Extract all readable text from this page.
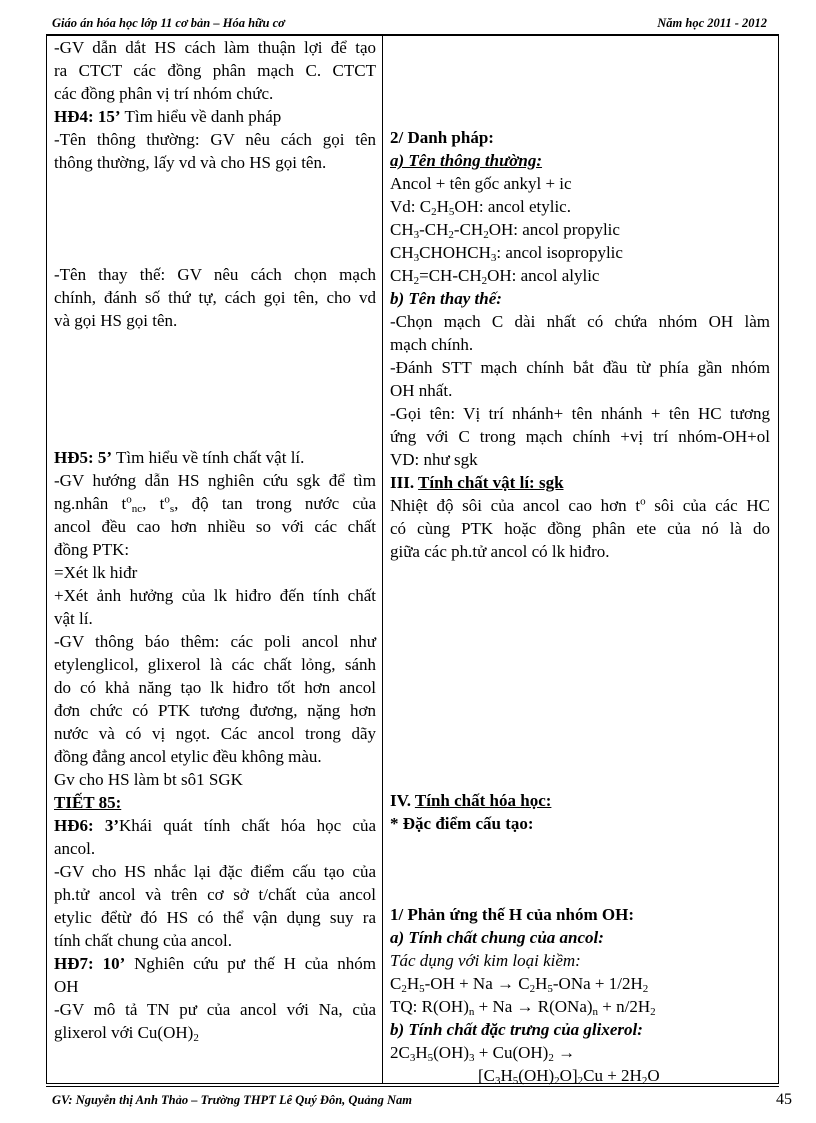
Giáo án hóa học lớp 11 cơ bản – Hóa hữu cơ	Năm học 2011 - 2012
-GV dẫn dắt HS cách làm thuận lợi để tạo
ra CTCT các đồng phân mạch C. CTCT
các đồng phân vị trí nhóm chức.
HĐ4: 15’ Tìm hiểu về danh pháp
-Tên thông thường: GV nêu cách gọi tên
thông thường, lấy vd và cho HS gọi tên.
-Tên thay thế: GV nêu cách chọn mạch
chính, đánh số thứ tự, cách gọi tên, cho vd
và gọi HS gọi tên.
HĐ5: 5’ Tìm hiểu về tính chất vật lí.
-GV hướng dẫn HS nghiên cứu sgk để tìm
ng.nhân $t^o_{nc}$, $t^o_s$, độ tan trong nước của
ancol đều cao hơn nhiều so với các chất
đồng PTK:
=Xét lk hiđr
+Xét ảnh hưởng của lk hiđro đến tính chất
vật lí.
-GV thông báo thêm: các poli ancol như
etylenglicol, glixerol là các chất lỏng, sánh
do có khả năng tạo lk hiđro tốt hơn ancol
đơn chức có PTK tương đương, nặng hơn
nước và có vị ngọt. Các ancol trong dãy
đồng đẳng ancol etylic đều không màu.
Gv cho HS làm bt sô1 SGK
TIẾT 85:
HĐ6: 3’Khái quát tính chất hóa học của
ancol.
-GV cho HS nhắc lại đặc điểm cấu tạo của
ph.tử ancol và trên cơ sở t/chất của ancol
etylic đểtừ đó HS có thể vận dụng suy ra
tính chất chung của ancol.
HĐ7: 10’ Nghiên cứu pư thế H của nhóm
OH
-GV mô tả TN pư của ancol với Na, của
glixerol với $Cu(OH)_2$
2/ Danh pháp:
a) Tên thông thường:
Ancol + tên gốc ankyl + ic
Vd: $C_2H_5OH$: ancol etylic.
$CH_3-CH_2-CH_2OH$: ancol propylic
$CH_3CHOHCH_3$: ancol isopropylic
$CH_2=CH-CH_2OH$: ancol alylic
b) Tên thay thế:
-Chọn mạch C dài nhất có chứa nhóm OH làm
mạch chính.
-Đánh STT mạch chính bắt đầu từ phía gần nhóm
OH nhất.
-Gọi tên: Vị trí nhánh+ tên nhánh + tên HC tương
ứng với C trong mạch chính +vị trí nhóm-OH+ol
VD: như sgk
III. Tính chất vật lí: sgk
Nhiệt độ sôi của ancol cao hơn $t^o$ sôi của các HC
có cùng PTK hoặc đồng phân ete của nó là do
giữa các ph.tử ancol có lk hiđro.
IV. Tính chất hóa học:
* Đặc điểm cấu tạo:
1/ Phản ứng thế H của nhóm OH:
a) Tính chất chung của ancol:
Tác dụng với kim loại kiềm:
$C_2H_5-OH + Na \to C_2H_5-ONa + 1/2H_2$
TQ: $R(OH)_n + Na \to R(ONa)_n + n/2H_2$
b) Tính chất đặc trưng của glixerol:
$2C_3H_5(OH)_3 + Cu(OH)_2$ →
$[C_3H_5(OH)_2O]_2Cu + 2H_2O$
GV: Nguyễn thị Anh Thảo – Trường THPT Lê Quý Đôn, Quảng Nam	45
